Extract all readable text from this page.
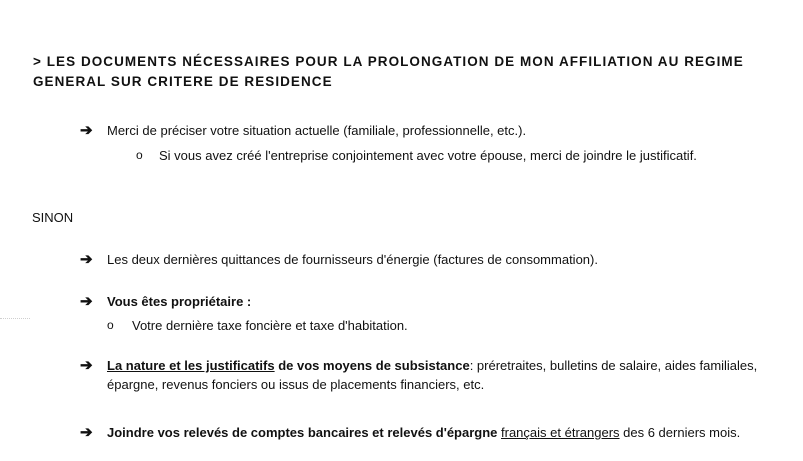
> LES DOCUMENTS NÉCESSAIRES POUR LA PROLONGATION DE MON AFFILIATION AU REGIME
GENERAL SUR CRITERE DE RESIDENCE
➔ Merci de préciser votre situation actuelle (familiale, professionnelle, etc.).
o Si vous avez créé l'entreprise conjointement avec votre épouse, merci de joindre le justificatif.
SINON
➔ Les deux dernières quittances de fournisseurs d'énergie (factures de consommation).
➔ Vous êtes propriétaire :
o Votre dernière taxe foncière et taxe d'habitation.
➔ La nature et les justificatifs de vos moyens de subsistance: préretraites, bulletins de salaire, aides familiales,
épargne, revenus fonciers ou issus de placements financiers, etc.
➔ Joindre vos relevés de comptes bancaires et relevés d'épargne français et étrangers des 6 derniers mois.
